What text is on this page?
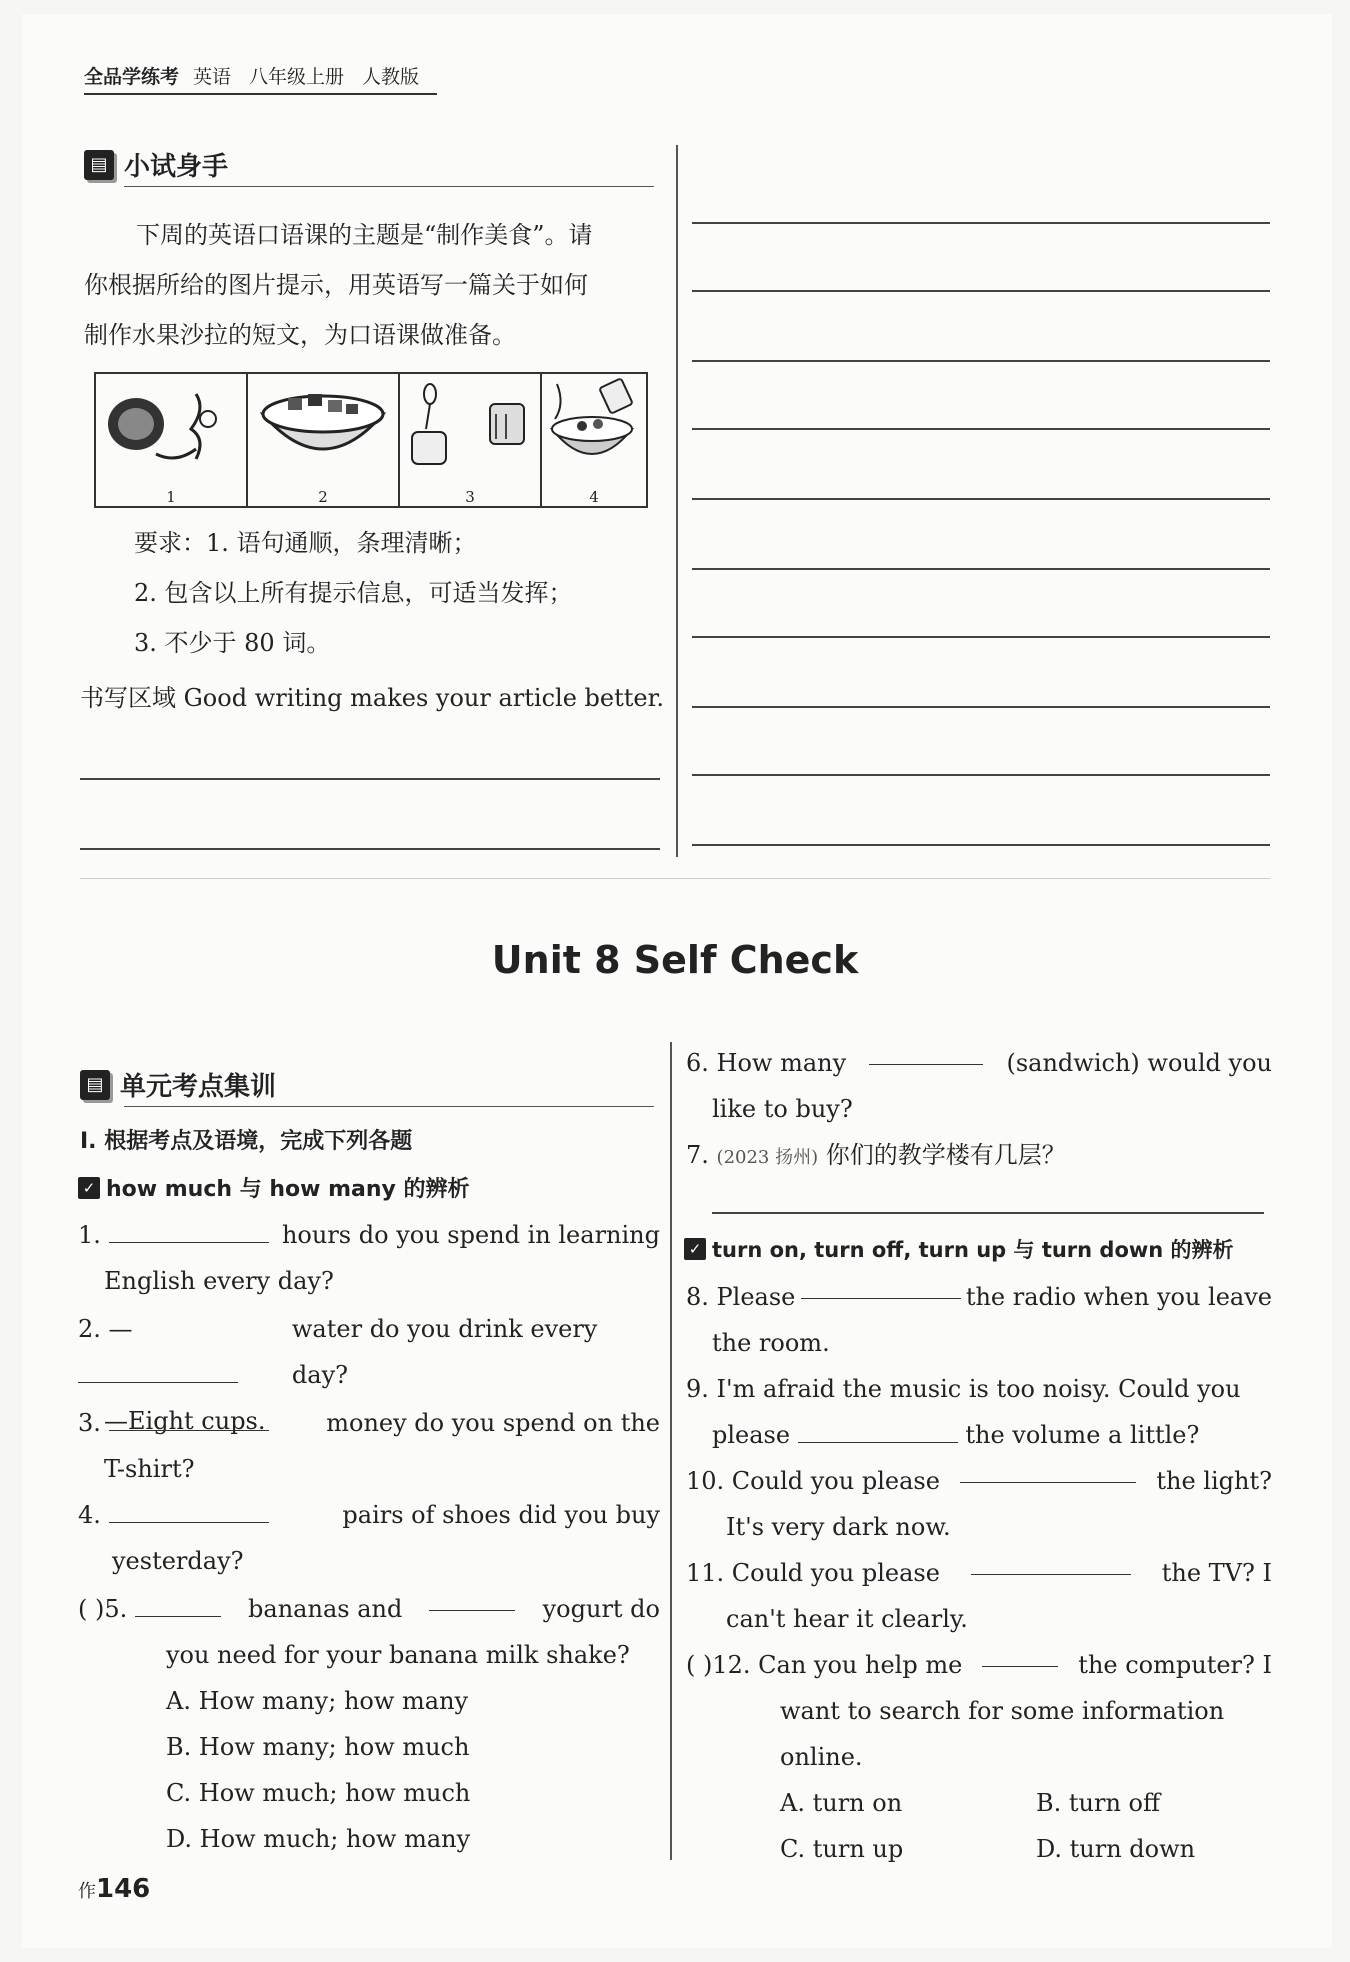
全品学练考 英语 八年级上册 人教版
▤ 小试身手
下周的英语口语课的主题是“制作美食”。请
你根据所给的图片提示，用英语写一篇关于如何
制作水果沙拉的短文，为口语课做准备。
1	2	3	4
要求：1. 语句通顺，条理清晰；
2. 包含以上所有提示信息，可适当发挥；
3. 不少于 80 词。
书写区域 Good writing makes your article better.
Unit 8 Self Check
▤ 单元考点集训
Ⅰ. 根据考点及语境，完成下列各题
✓ how much 与 how many 的辨析
1.	hours do you spend in learning
English every day?
2. —	water do you drink every day?
—Eight cups.
3.	money do you spend on the
T-shirt?
4.	pairs of shoes did you buy
yesterday?
( )5.	bananas and	yogurt do
you need for your banana milk shake?
A. How many; how many
B. How many; how much
C. How much; how much
D. How much; how many
6. How many	(sandwich) would you
like to buy?
7. (2023 扬州) 你们的教学楼有几层？
✓ turn on, turn off, turn up 与 turn down 的辨析
8. Please	the radio when you leave
the room.
9. I'm afraid the music is too noisy. Could you
please	the volume a little?
10. Could you please	the light?
It's very dark now.
11. Could you please	the TV? I
can't hear it clearly.
( )12. Can you help me	the computer? I
want to search for some information
online.
A. turn on	B. turn off
C. turn up	D. turn down
作146
